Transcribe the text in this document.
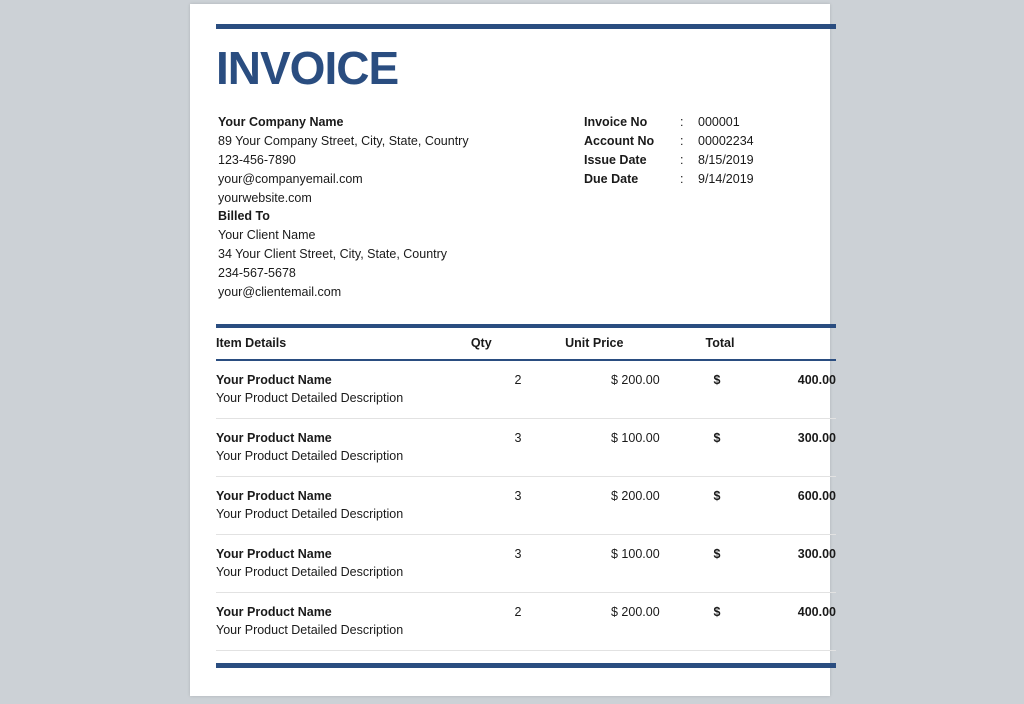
INVOICE
Your Company Name
89 Your Company Street, City, State, Country
123-456-7890
your@companyemail.com
yourwebsite.com
Invoice No	:	000001
Account No	:	00002234
Issue Date	:	8/15/2019
Due Date	:	9/14/2019
Billed To
Your Client Name
34 Your Client Street, City, State, Country
234-567-5678
your@clientemail.com
Item Details	Qty	Unit Price	Total

Your Product Name
Your Product Detailed Description	2	$ 200.00	$ 400.00

Your Product Name
Your Product Detailed Description	3	$ 100.00	$ 300.00

Your Product Name
Your Product Detailed Description	3	$ 200.00	$ 600.00

Your Product Name
Your Product Detailed Description	3	$ 100.00	$ 300.00

Your Product Name
Your Product Detailed Description	2	$ 200.00	$ 400.00
